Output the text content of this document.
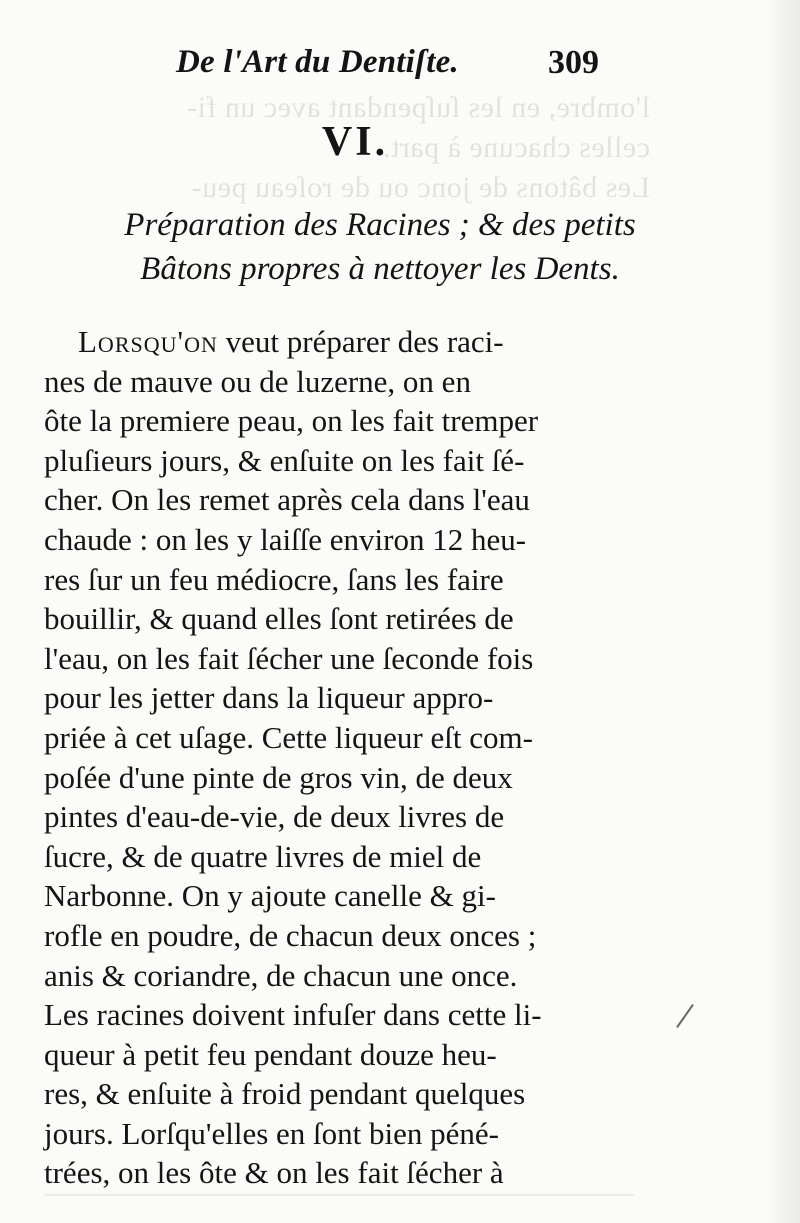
l'ombre, en les ſuſpendant avec un fi-
celles chacune à part.
Les bâtons de jonc ou de roſeau peu-
De l'Art du Dentiſte.	309
VI.
Préparation des Racines ; & des petits
Bâtons propres à nettoyer les Dents.
Lorsqu'on veut préparer des raci-
nes de mauve ou de luzerne, on en
ôte la premiere peau, on les fait tremper
pluſieurs jours, & enſuite on les fait ſé-
cher. On les remet après cela dans l'eau
chaude : on les y laiſſe environ 12 heu-
res ſur un feu médiocre, ſans les faire
bouillir, & quand elles ſont retirées de
l'eau, on les fait ſécher une ſeconde fois
pour les jetter dans la liqueur appro-
priée à cet uſage. Cette liqueur eſt com-
poſée d'une pinte de gros vin, de deux
pintes d'eau-de-vie, de deux livres de
ſucre, & de quatre livres de miel de
Narbonne. On y ajoute canelle & gi-
rofle en poudre, de chacun deux onces ;
anis & coriandre, de chacun une once.
Les racines doivent infuſer dans cette li-
queur à petit feu pendant douze heu-
res, & enſuite à froid pendant quelques
jours. Lorſqu'elles en ſont bien péné-
trées, on les ôte & on les fait ſécher à
